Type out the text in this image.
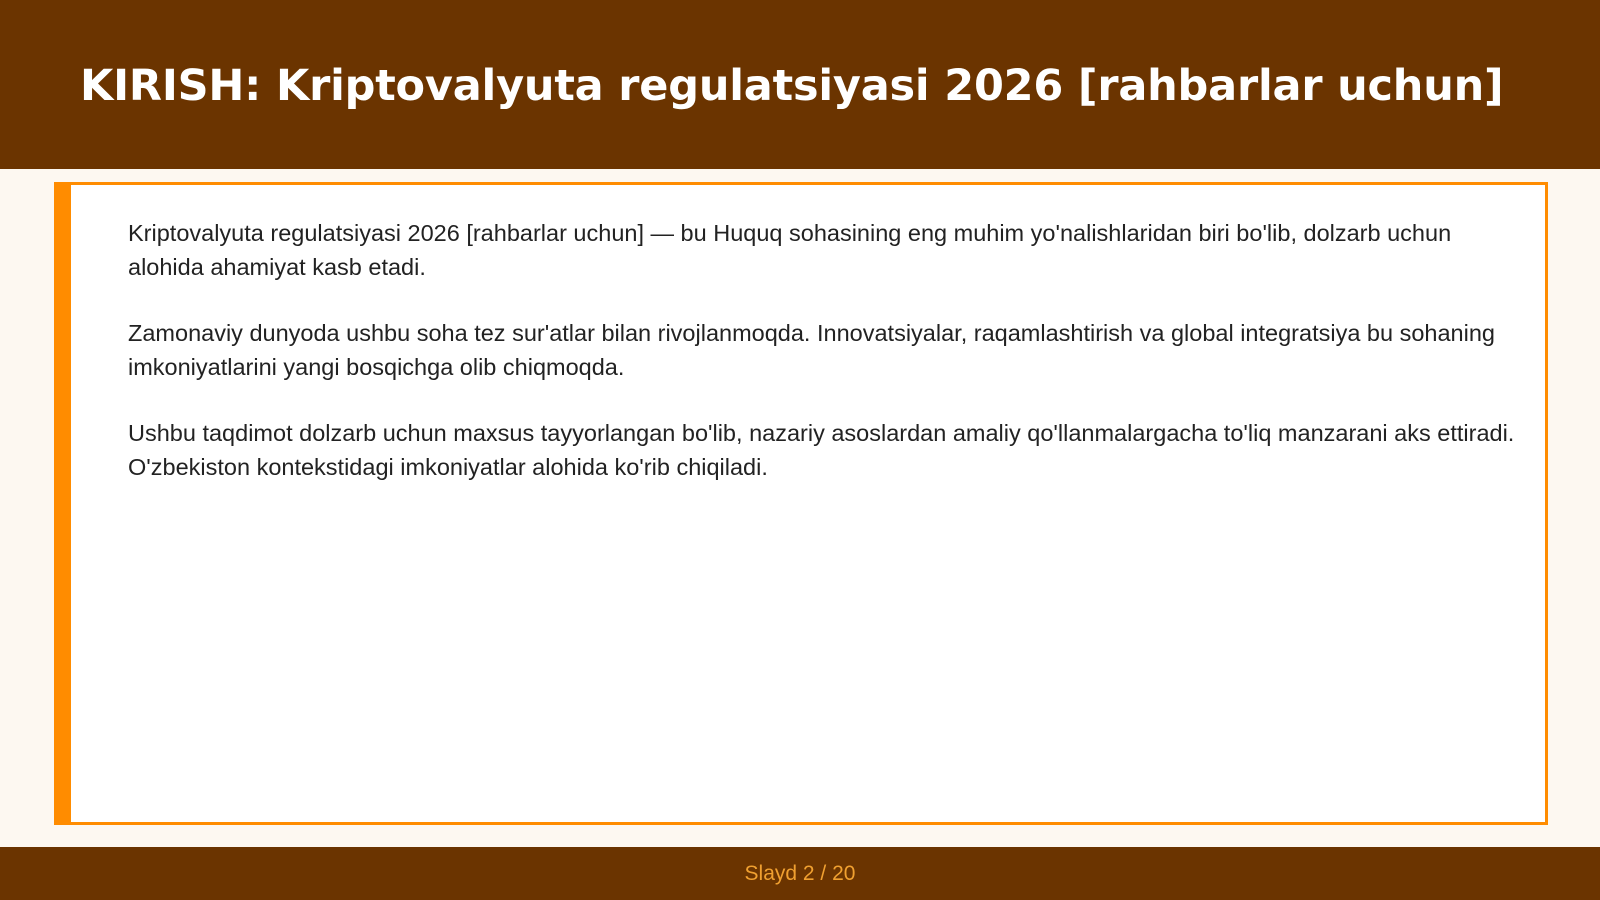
KIRISH: Kriptovalyuta regulatsiyasi 2026 [rahbarlar uchun]

Kriptovalyuta regulatsiyasi 2026 [rahbarlar uchun] — bu Huquq sohasining eng muhim yo'nalishlaridan biri bo'lib, dolzarb uchun alohida ahamiyat kasb etadi.

Zamonaviy dunyoda ushbu soha tez sur'atlar bilan rivojlanmoqda. Innovatsiyalar, raqamlashtirish va global integratsiya bu sohaning imkoniyatlarini yangi bosqichga olib chiqmoqda.

Ushbu taqdimot dolzarb uchun maxsus tayyorlangan bo'lib, nazariy asoslardan amaliy qo'llanmalargacha to'liq manzarani aks ettiradi. O'zbekiston kontekstidagi imkoniyatlar alohida ko'rib chiqiladi.

Slayd 2 / 20
